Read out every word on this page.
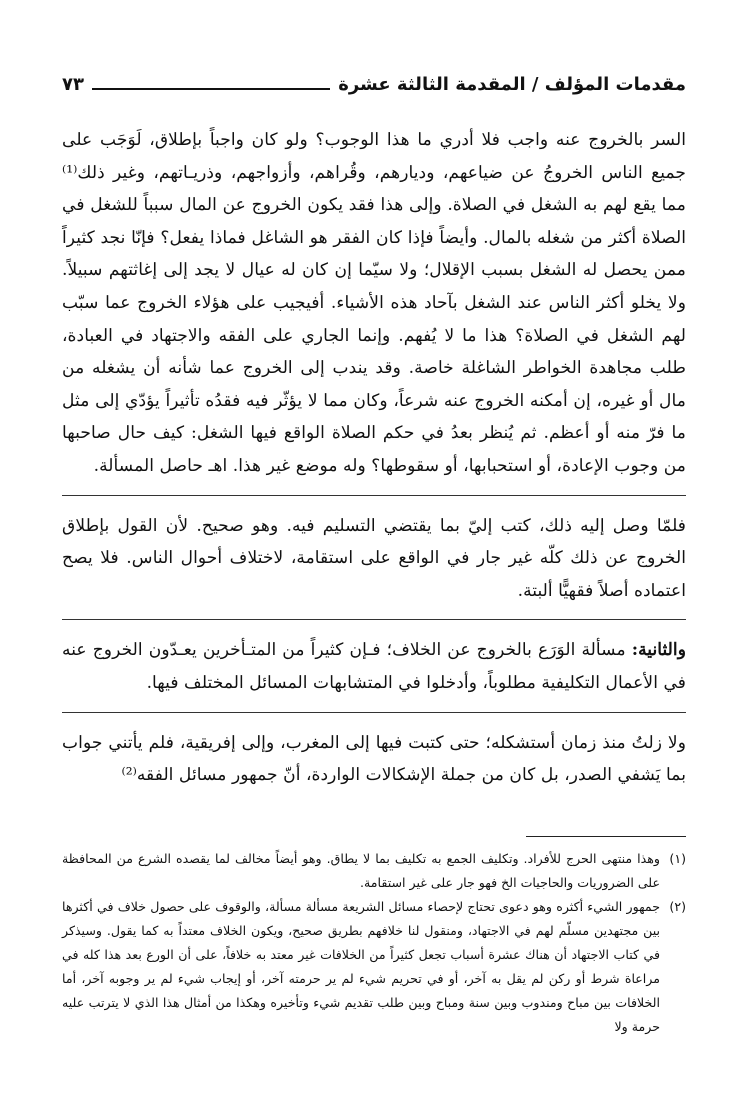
مقدمات المؤلف / المقدمة الثالثة عشرة
٧٣

السر بالخروج عنه واجب فلا أدري ما هذا الوجوب؟ ولو كان واجباً بإطلاق، لَوَجَب على جميع الناس الخروجُ عن ضياعهم، وديارهم، وقُراهم، وأزواجهم، وذريـاتهم، وغير ذلك⁽¹⁾ مما يقع لهم به الشغل في الصلاة. وإلى هذا فقد يكون الخروج عن المال سبباً للشغل في الصلاة أكثر من شغله بالمال. وأيضاً فإذا كان الفقر هو الشاغل فماذا يفعل؟ فإنّا نجد كثيراً ممن يحصل له الشغل بسبب الإقلال؛ ولا سيّما إن كان له عيال لا يجد إلى إغاثتهم سبيلاً. ولا يخلو أكثر الناس عند الشغل بآحاد هذه الأشياء. أفيجيب على هؤلاء الخروج عما سبّب لهم الشغل في الصلاة؟ هذا ما لا يُفهم. وإنما الجاري على الفقه والاجتهاد في العبادة، طلب مجاهدة الخواطر الشاغلة خاصة. وقد يندب إلى الخروج عما شأنه أن يشغله من مال أو غيره، إن أمكنه الخروج عنه شرعاً، وكان مما لا يؤثّر فيه فقدُه تأثيراً يؤدّي إلى مثل ما فرّ منه أو أعظم. ثم يُنظر بعدُ في حكم الصلاة الواقع فيها الشغل: كيف حال صاحبها من وجوب الإعادة، أو استحبابها، أو سقوطها؟ وله موضع غير هذا. اهـ حاصل المسألة.

فلمّا وصل إليه ذلك، كتب إليّ بما يقتضي التسليم فيه. وهو صحيح. لأن القول بإطلاق الخروج عن ذلك كلّه غير جار في الواقع على استقامة، لاختلاف أحوال الناس. فلا يصح اعتماده أصلاً فقهيًّا ألبتة.

والثانية: مسألة الوَرَع بالخروج عن الخلاف؛ فـإن كثيراً من المتـأخرين يعـدّون الخروج عنه في الأعمال التكليفية مطلوباً، وأدخلوا في المتشابهات المسائل المختلف فيها.

ولا زلتُ منذ زمان أستشكله؛ حتى كتبت فيها إلى المغرب، وإلى إفريقية، فلم يأتني جواب بما يَشفي الصدر، بل كان من جملة الإشكالات الواردة، أنّ جمهور مسائل الفقه⁽²⁾

(١)
وهذا منتهى الحرج للأفراد. وتكليف الجمع به تكليف بما لا يطاق. وهو أيضاً مخالف لما يقصده الشرع من المحافظة على الضروريات والحاجيات الخ فهو جار على غير استقامة.

(٢)
جمهور الشيء أكثره وهو دعوى تحتاج لإحصاء مسائل الشريعة مسألة مسألة، والوقوف على حصول خلاف في أكثرها بين مجتهدين مسلّم لهم في الاجتهاد، ومنقول لنا خلافهم بطريق صحيح، ويكون الخلاف معتداً به كما يقول. وسيذكر في كتاب الاجتهاد أن هناك عشرة أسباب تجعل كثيراً من الخلافات غير معتد به خلافاً، على أن الورع بعد هذا كله في مراعاة شرط أو ركن لم يقل به آخر، أو في تحريم شيء لم ير حرمته آخر، أو إيجاب شيء لم ير وجوبه آخر، أما الخلافات بين مباح ومندوب وبين سنة ومباح وبين طلب تقديم شيء وتأخيره وهكذا من أمثال هذا الذي لا يترتب عليه حرمة ولا
